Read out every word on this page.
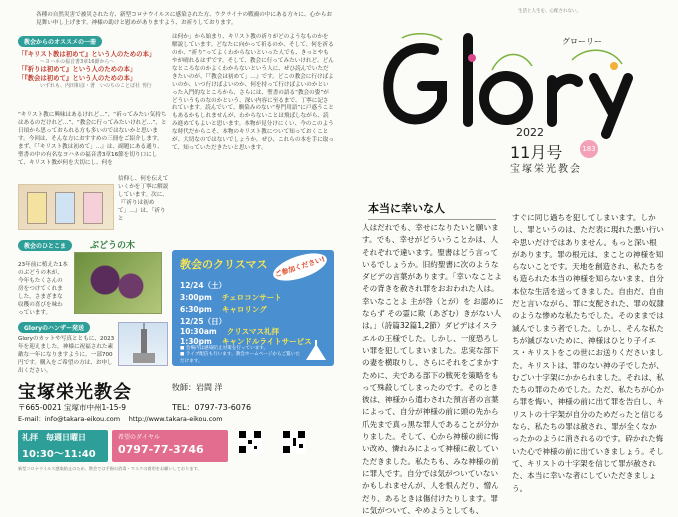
各種の自然災害で被災された方、新型コロナウイルスに感染された方、ウクライナの戦禍の中にある方々に、心からお見舞い申し上げます。神様の助けと慰めがありますよう、お祈りしております。
教会からのオススメの一冊
「『キリスト教は初めて』という人のための本」
〜ヨハネの福音書3章16節から〜
「『祈りは初めて』という人のための本」
「『教会は初めて』という人のための本」
いずれも、内田和彦・著　いのちのことば社 刊行
“キリスト教に興味はあるけれど…”、“祈ってみたい気持ちはあるのだけれど…”、“教会に行ってみたいけれど…”、と日頃から思っておられる方も多いのではないかと思います。今回は、そんな方におすすめの三冊をご紹介します。まず、『「キリスト教は初めて」…』は、副題にある通り、聖書の中の有名なヨハネの福音書3章16節を切り口にして、キリスト教が何を大切にし、何を
は何か」から始まり、キリスト教の祈りがどのようなものかを解説しています。どなたに向かって祈るのか、そして、何を祈るのか、“祈り”ってよくわからないといった人でも、きっとやもやが晴れるはずです。そして、教会に行ってみたいけれど、どんなところなのかよくわからないという人に、ぜひ読んでいただきたいのが、『「教会は初めて」…』です。どこの教会に行けばよいのか、いつ行けばよいのか、何を持って行けばよいのかといった入門的なところから、さらには、聖書の語る“教会の姿”がどういうものなのかという、深い内容に至るまで、丁寧に記されています。読んでいて、馴染みのない“専門用語”に戸惑うこともあるかもしれませんが、わからないことは飛ばしながら、読み進めてもよいと思います。本物が見分けにくい、今のこのような時代だからこそ、本物のキリスト教について知っておくことが、大切なのではないでしょうか。ぜひ、これらの本を手に取って、知っていただきたいと思います。
信仰し、何を伝えていくかを丁寧に解説しています。次に、『「祈りは初めて」…』は、「祈りと
教会のひとこま
23年前に植えた1本のぶどうの木が、今年もたくさんの房をつけてくれました。さまざまな収穫の喜びを味わっています。
ぶどうの木
Gloryのハンザー発送
Gloryのカットや写真とともに、2023年を迎えました。神様に祝福された素敵な一年になりますように。一部700円です。購入をご希望の方は、お申し出ください。
教会のクリスマス ご参加ください!
12/24（土）
3:00pm チェロコンサート
6:30pm キャロリング
12/25（日）
10:30am クリスマス礼拝
1:30pm キャンドルライトサービス
■ 会場内は感染防止対策を行っています。
■ ライブ配信も行います。教会ホームページからご覧いただけます。
宝塚栄光教会	牧師：岩間 洋
〒665-0021 宝塚市中州1-15-9	TEL：0797-73-6076
E-mail：info@takara-eikou.com　 http://www.takara-eikou.com
礼拝　毎週日曜日
10:30～11:40
希望のダイヤル
0797-77-3746
新型コロナウイルス感染防止のため、教会では手指の消毒・マスクの着用をお願いしております。
生活と人生を、心配されない。
グローリー
2022
11月号	183
宝塚栄光教会
本当に幸いな人
人はだれでも、幸せになりたいと願います。でも、幸せがどういうことかは、人それぞれで違います。聖書はどう言っているでしょうか。旧約聖書に次のようなダビデの言葉があります。「幸いなことよ その背きを赦され罪をおおわれた人は。幸いなことよ 主が咎（とが）を お認めにならず その霊に欺（あざむ）きがない人は。」（詩篇32篇1,2節）ダビデはイスラエルの王様でした。しかし、一度恐ろしい罪を犯してしまいました。忠実な部下の妻を横取りし、さらにそれをごまかすために、夫である部下の戦死を策略をもって殊殺してしまったのです。そのとき彼は、神様から遣わされた預言者の言葉によって、自分が神様の前に頭の先から爪先まで真っ黒な罪人であることが分かりました。そして、心から神様の前に悔い改め、憐れみによって神様に赦していただきました。私たちも、みな神様の前に罪人です。自分では気がついていないかもしれませんが、人を恨んだり、憎んだり、あるときは傷付けたりします。罪に気がついて、やめようとしても、
すぐに同じ過ちを犯してしまいます。しかし、罪というのは、ただ表に現れた悪い行いや思いだけではありません。もっと深い根があります。罪の根元は、まことの神様を知らないことです。天地を創造され、私たちをも造られた本当の神様を知らないまま、自分本位な生活を送ってきました。自由だ、自由だと言いながら、罪に支配された、罪の奴隷のような惨めな私たちでした。そのままでは滅んでしまう者でした。しかし、そんな私たちが滅びないために、神様はひとり子イエス・キリストをこの世にお送りくださいました。キリストは、罪のない神の子でしたが、むごい十字架にかかられました。それは、私たちの罪のためでした。ただ、私たちが心から罪を悔い、神様の前に出て罪を告白し、キリストの十字架が自分のためだったと信じるなら、私たちの罪は赦され、罪が全くなかったかのように消されるのです。砕かれた悔いた心で神様の前に出ていきましょう。そして、キリストの十字架を信じて罪が赦された、本当に幸いな者にしていただきましょう。
